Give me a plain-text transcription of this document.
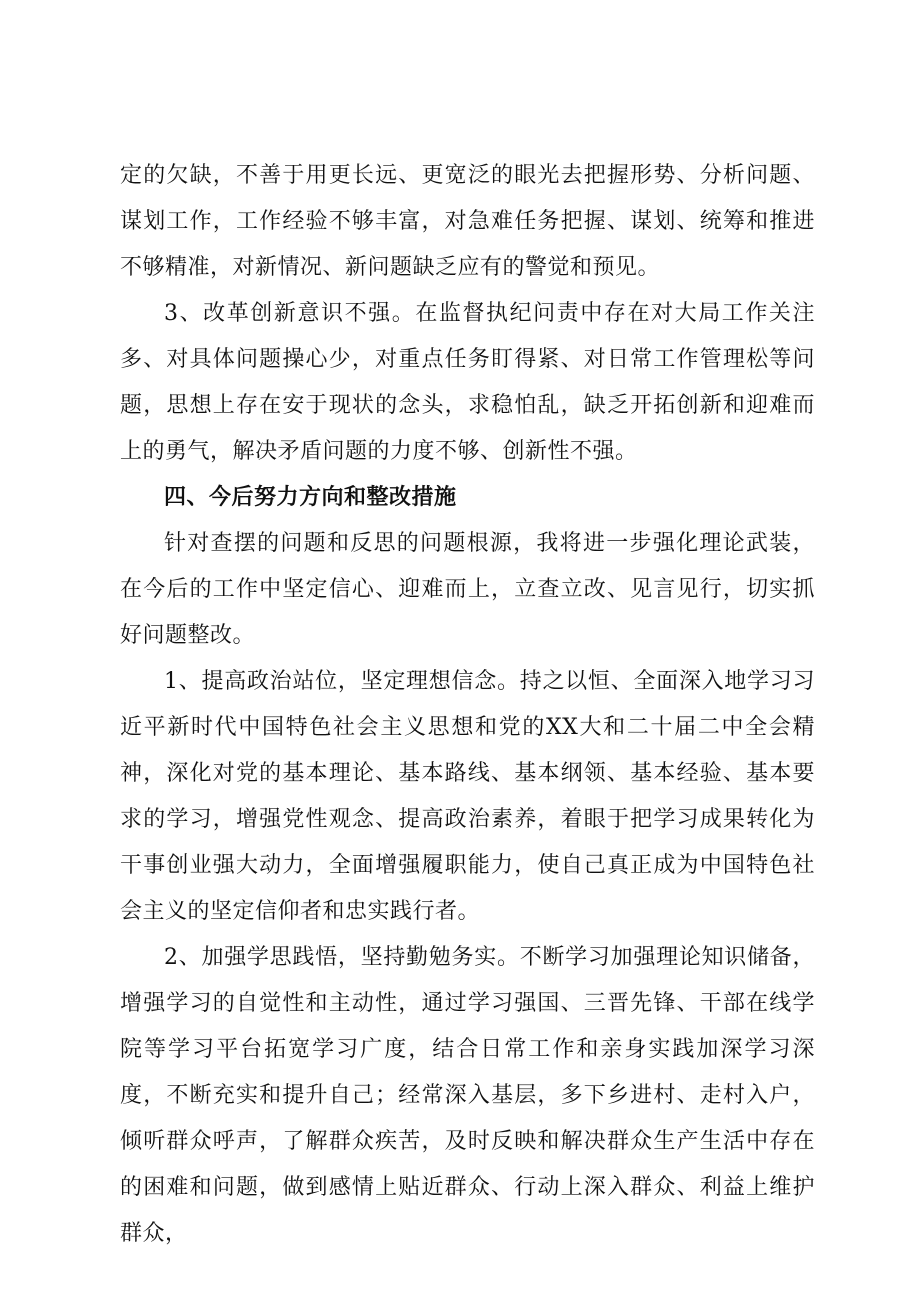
定的欠缺，不善于用更长远、更宽泛的眼光去把握形势、分析问题、谋划工作，工作经验不够丰富，对急难任务把握、谋划、统筹和推进不够精准，对新情况、新问题缺乏应有的警觉和预见。

3、改革创新意识不强。在监督执纪问责中存在对大局工作关注多、对具体问题操心少，对重点任务盯得紧、对日常工作管理松等问题，思想上存在安于现状的念头，求稳怕乱，缺乏开拓创新和迎难而上的勇气，解决矛盾问题的力度不够、创新性不强。

四、今后努力方向和整改措施

针对查摆的问题和反思的问题根源，我将进一步强化理论武装，在今后的工作中坚定信心、迎难而上，立查立改、见言见行，切实抓好问题整改。

1、提高政治站位，坚定理想信念。持之以恒、全面深入地学习习近平新时代中国特色社会主义思想和党的XX大和二十届二中全会精神，深化对党的基本理论、基本路线、基本纲领、基本经验、基本要求的学习，增强党性观念、提高政治素养，着眼于把学习成果转化为干事创业强大动力，全面增强履职能力，使自己真正成为中国特色社会主义的坚定信仰者和忠实践行者。

2、加强学思践悟，坚持勤勉务实。不断学习加强理论知识储备，增强学习的自觉性和主动性，通过学习强国、三晋先锋、干部在线学院等学习平台拓宽学习广度，结合日常工作和亲身实践加深学习深度，不断充实和提升自己；经常深入基层，多下乡进村、走村入户，倾听群众呼声，了解群众疾苦，及时反映和解决群众生产生活中存在的困难和问题，做到感情上贴近群众、行动上深入群众、利益上维护群众，
